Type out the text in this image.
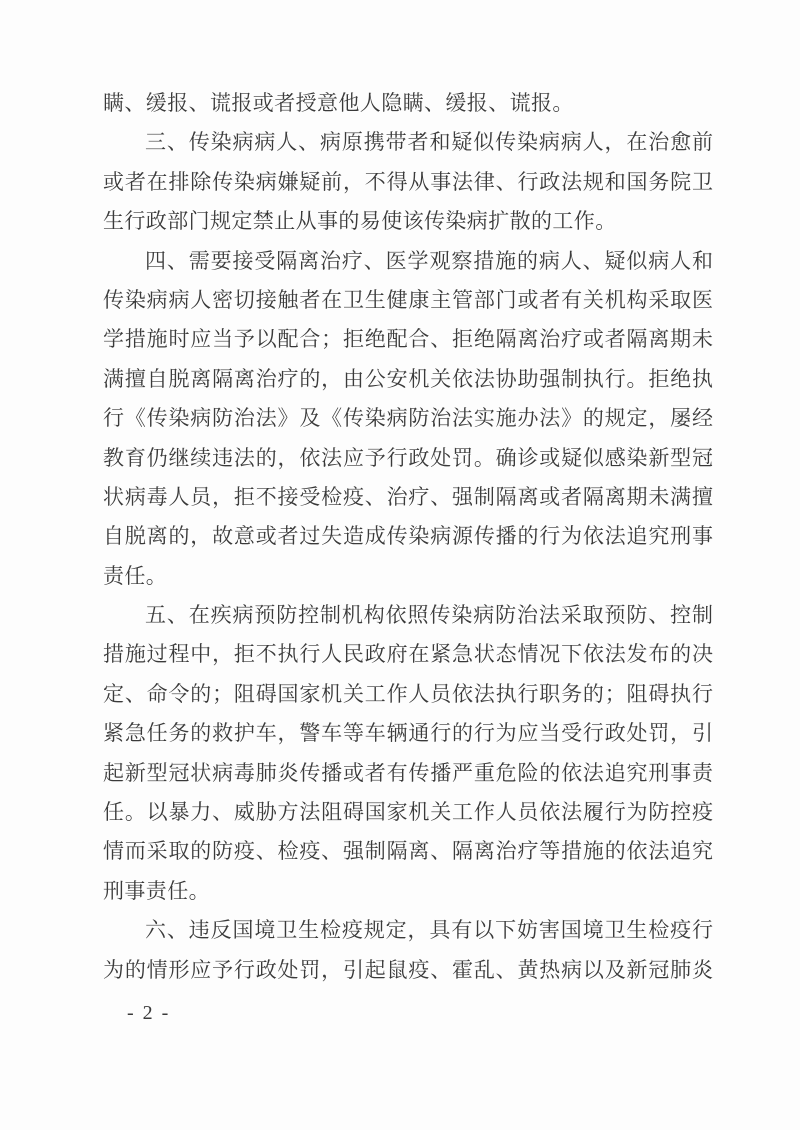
瞒、缓报、谎报或者授意他人隐瞒、缓报、谎报。
三、传染病病人、病原携带者和疑似传染病病人，在治愈前
或者在排除传染病嫌疑前，不得从事法律、行政法规和国务院卫
生行政部门规定禁止从事的易使该传染病扩散的工作。
四、需要接受隔离治疗、医学观察措施的病人、疑似病人和
传染病病人密切接触者在卫生健康主管部门或者有关机构采取医
学措施时应当予以配合；拒绝配合、拒绝隔离治疗或者隔离期未
满擅自脱离隔离治疗的，由公安机关依法协助强制执行。拒绝执
行《传染病防治法》及《传染病防治法实施办法》的规定，屡经
教育仍继续违法的，依法应予行政处罚。确诊或疑似感染新型冠
状病毒人员，拒不接受检疫、治疗、强制隔离或者隔离期未满擅
自脱离的，故意或者过失造成传染病源传播的行为依法追究刑事
责任。
五、在疾病预防控制机构依照传染病防治法采取预防、控制
措施过程中，拒不执行人民政府在紧急状态情况下依法发布的决
定、命令的；阻碍国家机关工作人员依法执行职务的；阻碍执行
紧急任务的救护车，警车等车辆通行的行为应当受行政处罚，引
起新型冠状病毒肺炎传播或者有传播严重危险的依法追究刑事责
任。以暴力、威胁方法阻碍国家机关工作人员依法履行为防控疫
情而采取的防疫、检疫、强制隔离、隔离治疗等措施的依法追究
刑事责任。
六、违反国境卫生检疫规定，具有以下妨害国境卫生检疫行
为的情形应予行政处罚，引起鼠疫、霍乱、黄热病以及新冠肺炎
- 2 -
